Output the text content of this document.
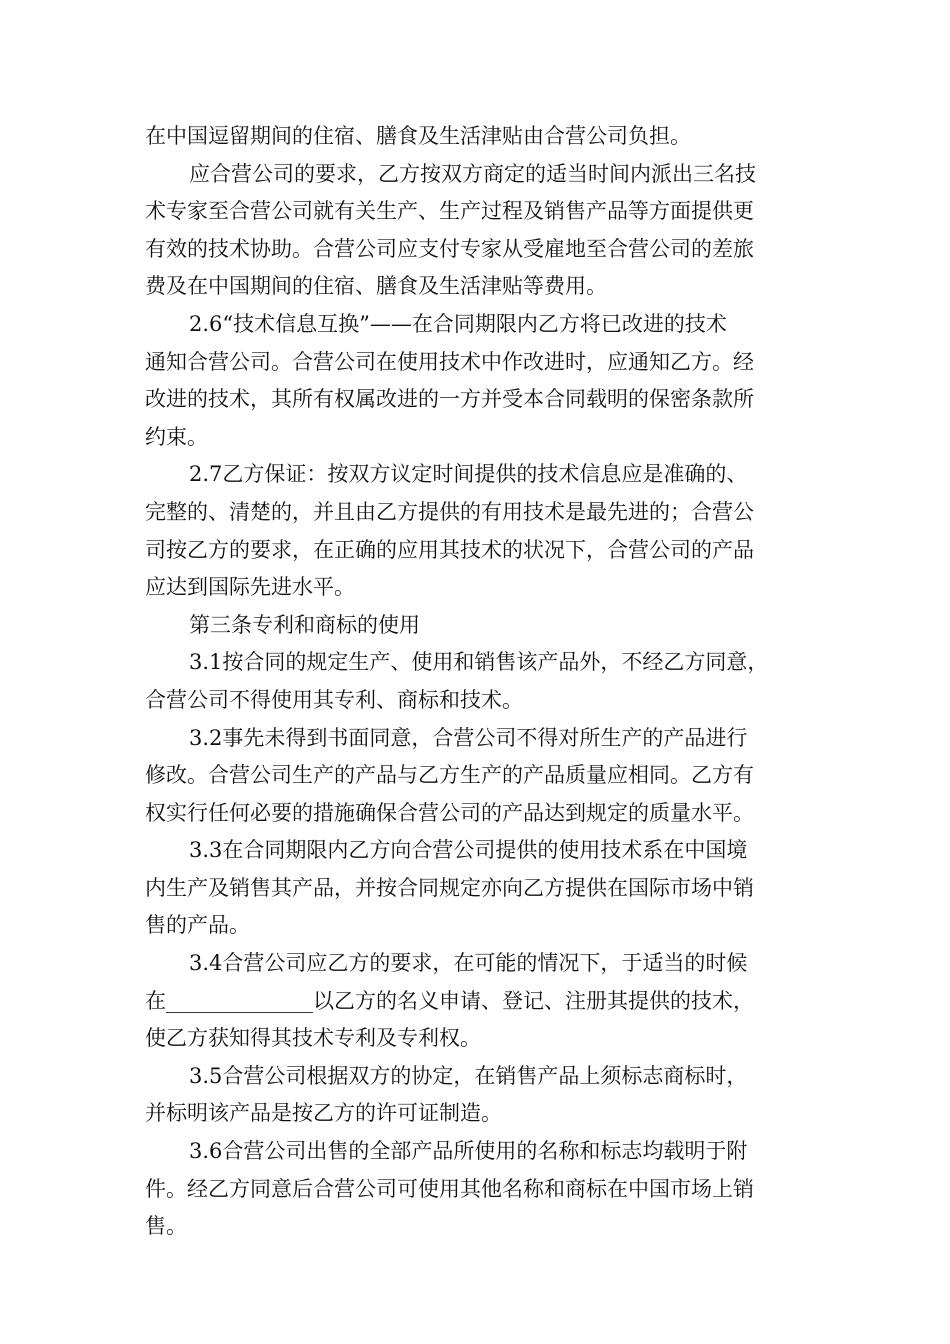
在中国逗留期间的住宿、膳食及生活津贴由合营公司负担。

应合营公司的要求，乙方按双方商定的适当时间内派出三名技

术专家至合营公司就有关生产、生产过程及销售产品等方面提供更

有效的技术协助。合营公司应支付专家从受雇地至合营公司的差旅

费及在中国期间的住宿、膳食及生活津贴等费用。

2.6“技术信息互换”——在合同期限内乙方将已改进的技术

通知合营公司。合营公司在使用技术中作改进时，应通知乙方。经

改进的技术，其所有权属改进的一方并受本合同载明的保密条款所

约束。

2.7乙方保证：按双方议定时间提供的技术信息应是准确的、

完整的、清楚的，并且由乙方提供的有用技术是最先进的；合营公

司按乙方的要求，在正确的应用其技术的状况下，合营公司的产品

应达到国际先进水平。

第三条专利和商标的使用

3.1按合同的规定生产、使用和销售该产品外，不经乙方同意，

合营公司不得使用其专利、商标和技术。

3.2事先未得到书面同意，合营公司不得对所生产的产品进行

修改。合营公司生产的产品与乙方生产的产品质量应相同。乙方有

权实行任何必要的措施确保合营公司的产品达到规定的质量水平。

3.3在合同期限内乙方向合营公司提供的使用技术系在中国境

内生产及销售其产品，并按合同规定亦向乙方提供在国际市场中销

售的产品。

3.4合营公司应乙方的要求，在可能的情况下，于适当的时候

在______________以乙方的名义申请、登记、注册其提供的技术，

使乙方获知得其技术专利及专利权。

3.5合营公司根据双方的协定，在销售产品上须标志商标时，

并标明该产品是按乙方的许可证制造。

3.6合营公司出售的全部产品所使用的名称和标志均载明于附

件。经乙方同意后合营公司可使用其他名称和商标在中国市场上销

售。
